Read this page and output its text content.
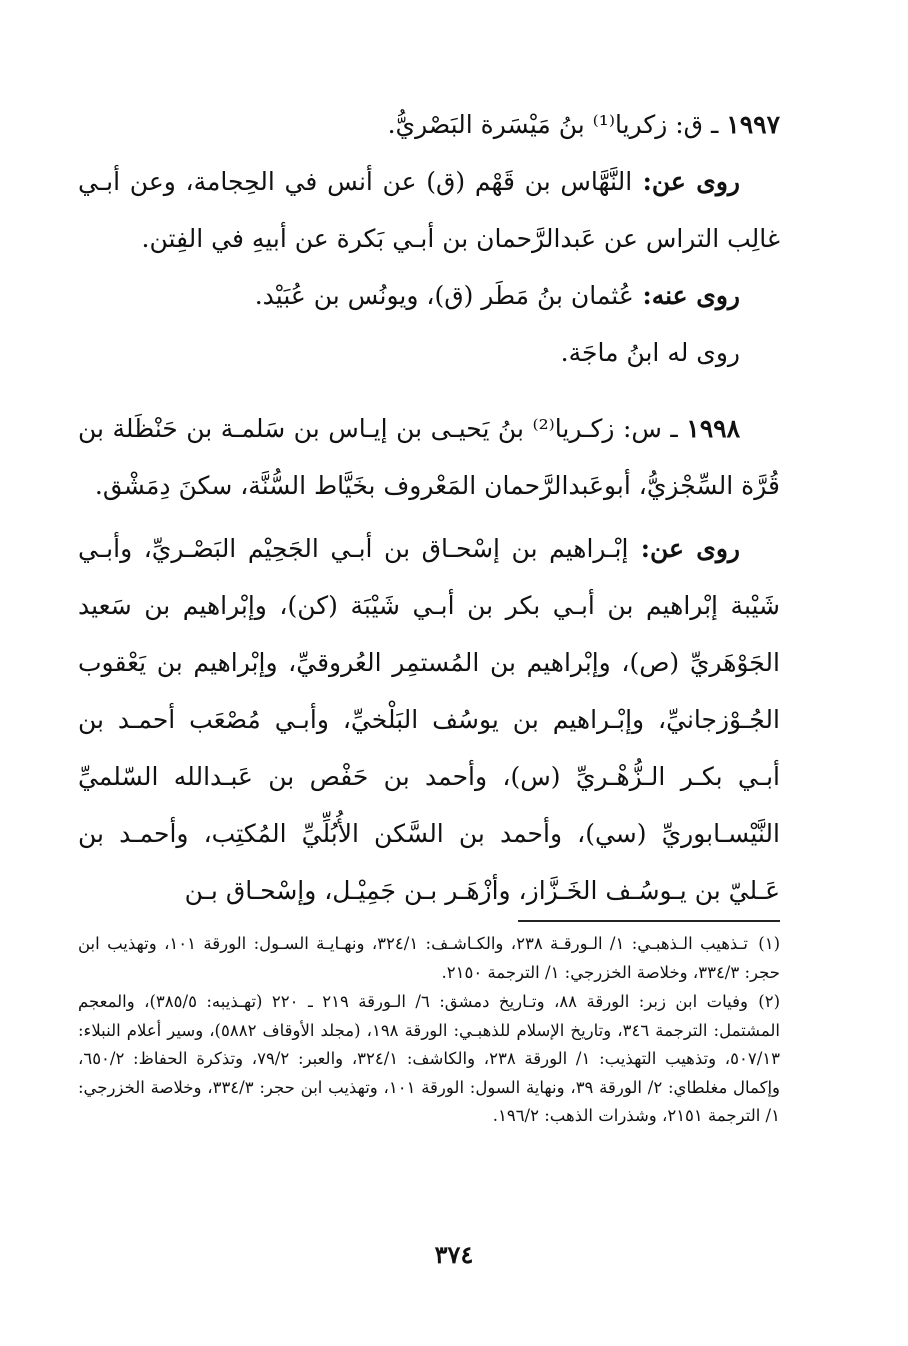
١٩٩٧ ـ ق: زكريا⁽¹⁾ بنُ مَيْسَرة البَصْريُّ.

روى عن: النَّهَّاس بن قَهْم (ق) عن أنس في الحِجامة، وعن أبـي غالِب التراس عن عَبدالرَّحمان بن أبـي بَكرة عن أبيهِ في الفِتن.

روى عنه: عُثمان بنُ مَطَر (ق)، ويونُس بن عُبَيْد.

روى له ابنُ ماجَة.

١٩٩٨ ـ س: زكـريا⁽²⁾ بنُ يَحيـى بن إيـاس بن سَلمـة بن حَنْظَلة بن قُرَّة السِّجْزيُّ، أبوعَبدالرَّحمان المَعْروف بخَيَّاط السُّنَّة، سكنَ دِمَشْق.

روى عن: إبْـراهيم بن إسْحـاق بن أبـي الجَحِيْم البَصْـريِّ، وأبـي شَيْبة إبْراهيم بن أبـي بكر بن أبـي شَيْبَة (كن)، وإبْراهيم بن سَعيد الجَوْهَريِّ (ص)، وإبْراهيم بن المُستمِر العُروقيِّ، وإبْراهيم بن يَعْقوب الجُـوْزجانيِّ، وإبْـراهيم بن يوسُف البَلْخيِّ، وأبـي مُصْعَب أحمـد بن أبـي بكـر الـزُّهْـريِّ (س)، وأحمد بن حَفْص بن عَبـدالله السّلميِّ النَّيْسـابوريِّ (سي)، وأحمد بن السَّكن الأُبُلِّيِّ المُكتِب، وأحمـد بن عَـليّ بن يـوسُـف الخَـزَّاز، وأزْهَـر بـن جَمِيْـل، وإسْحـاق بـن

(١)تـذهيب الـذهبـي: ١/ الـورقـة ٢٣٨، والكـاشـف: ٣٢٤/١، ونهـايـة السـول: الورقة ١٠١، وتهذيب ابن حجر: ٣٣٤/٣، وخلاصة الخزرجي: ١/ الترجمة ٢١٥٠.

(٢)وفيات ابن زبر: الورقة ٨٨، وتـاريخ دمشق: ٦/ الـورقة ٢١٩ ـ ٢٢٠ (تهـذيبه: ٣٨٥/٥)، والمعجم المشتمل: الترجمة ٣٤٦، وتاريخ الإسلام للذهبـي: الورقة ١٩٨، (مجلد الأوقاف ٥٨٨٢)، وسير أعلام النبلاء: ٥٠٧/١٣، وتذهيب التهذيب: ١/ الورقة ٢٣٨، والكاشف: ٣٢٤/١، والعبر: ٧٩/٢، وتذكرة الحفاظ: ٦٥٠/٢، وإكمال مغلطاي: ٢/ الورقة ٣٩، ونهاية السول: الورقة ١٠١، وتهذيب ابن حجر: ٣٣٤/٣، وخلاصة الخزرجي: ١/ الترجمة ٢١٥١، وشذرات الذهب: ١٩٦/٢.

٣٧٤
